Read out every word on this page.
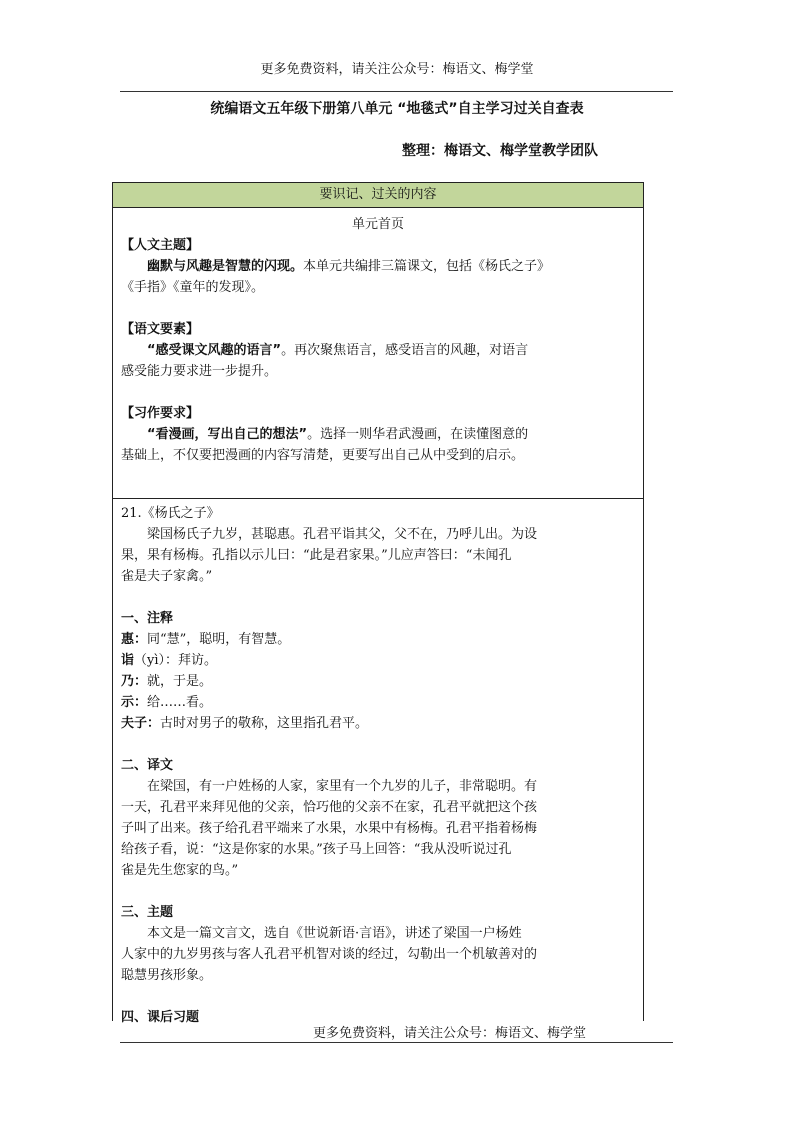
更多免费资料，请关注公众号：梅语文、梅学堂
统编语文五年级下册第八单元 “地毯式”自主学习过关自查表
整理：梅语文、梅学堂教学团队
要识记、过关的内容

单元首页

【人文主题】

幽默与风趣是智慧的闪现。本单元共编排三篇课文，包括《杨氏之子》

《手指》《童年的发现》。

【语文要素】

“感受课文风趣的语言”。再次聚焦语言，感受语言的风趣，对语言

感受能力要求进一步提升。

【习作要求】

“看漫画，写出自己的想法”。选择一则华君武漫画，在读懂图意的

基础上，不仅要把漫画的内容写清楚，更要写出自己从中受到的启示。

21.《杨氏之子》

梁国杨氏子九岁，甚聪惠。孔君平诣其父，父不在，乃呼儿出。为设

果，果有杨梅。孔指以示儿曰：“此是君家果。”儿应声答曰：“未闻孔

雀是夫子家禽。”

一、注释

惠：同“慧”，聪明，有智慧。

诣（yì）：拜访。

乃：就，于是。

示：给……看。

夫子：古时对男子的敬称，这里指孔君平。

二、译文

在梁国，有一户姓杨的人家，家里有一个九岁的儿子，非常聪明。有

一天，孔君平来拜见他的父亲，恰巧他的父亲不在家，孔君平就把这个孩

子叫了出来。孩子给孔君平端来了水果，水果中有杨梅。孔君平指着杨梅

给孩子看，说：“这是你家的水果。”孩子马上回答：“我从没听说过孔

雀是先生您家的鸟。”

三、主题

本文是一篇文言文，选自《世说新语·言语》，讲述了梁国一户杨姓

人家中的九岁男孩与客人孔君平机智对谈的经过，勾勒出一个机敏善对的

聪慧男孩形象。

四、课后习题

更多免费资料，请关注公众号：梅语文、梅学堂
